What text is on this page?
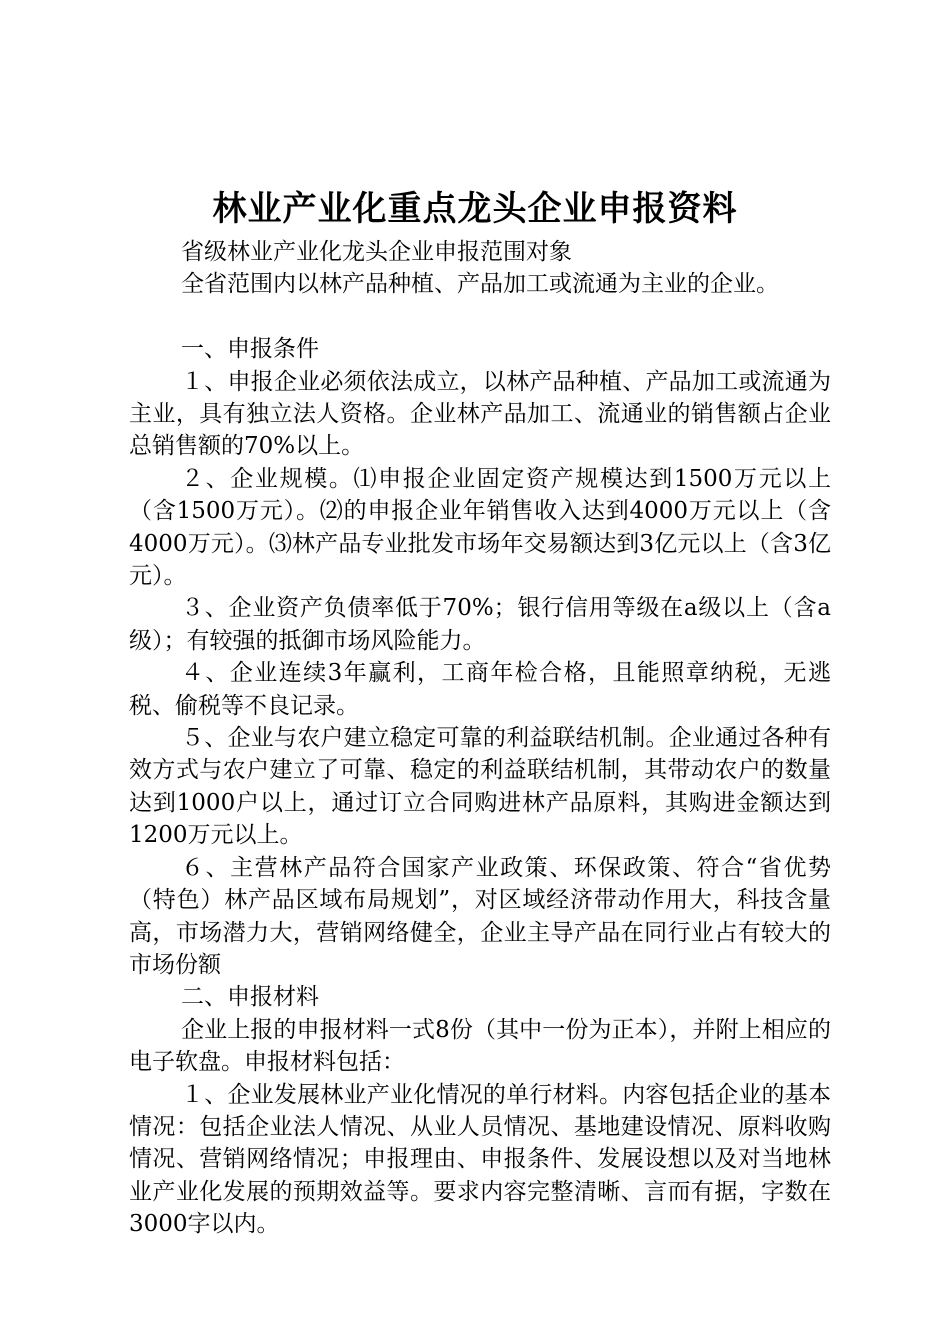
林业产业化重点龙头企业申报资料

省级林业产业化龙头企业申报范围对象

全省范围内以林产品种植、产品加工或流通为主业的企业。

一、申报条件

１、申报企业必须依法成立，以林产品种植、产品加工或流通为主业，具有独立法人资格。企业林产品加工、流通业的销售额占企业总销售额的70%以上。

２、企业规模。⑴申报企业固定资产规模达到1500万元以上（含1500万元）。⑵的申报企业年销售收入达到4000万元以上（含4000万元）。⑶林产品专业批发市场年交易额达到3亿元以上（含3亿元）。

３、企业资产负债率低于70%；银行信用等级在a级以上（含a级）；有较强的抵御市场风险能力。

４、企业连续3年赢利，工商年检合格，且能照章纳税，无逃税、偷税等不良记录。

５、企业与农户建立稳定可靠的利益联结机制。企业通过各种有效方式与农户建立了可靠、稳定的利益联结机制，其带动农户的数量达到1000户以上，通过订立合同购进林产品原料，其购进金额达到1200万元以上。

６、主营林产品符合国家产业政策、环保政策、符合“省优势（特色）林产品区域布局规划”，对区域经济带动作用大，科技含量高，市场潜力大，营销网络健全，企业主导产品在同行业占有较大的市场份额

二、申报材料

企业上报的申报材料一式8份（其中一份为正本），并附上相应的电子软盘。申报材料包括：

１、企业发展林业产业化情况的单行材料。内容包括企业的基本情况：包括企业法人情况、从业人员情况、基地建设情况、原料收购情况、营销网络情况；申报理由、申报条件、发展设想以及对当地林业产业化发展的预期效益等。要求内容完整清晰、言而有据，字数在3000字以内。
